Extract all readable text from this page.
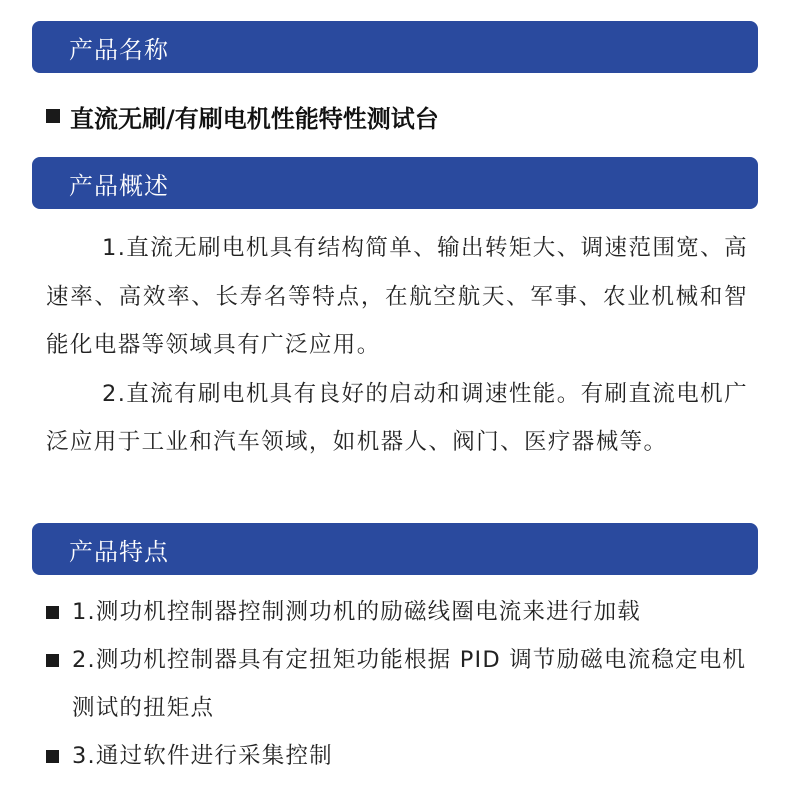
产品名称
直流无刷/有刷电机性能特性测试台
产品概述

1.直流无刷电机具有结构简单、输出转矩大、调速范围宽、高速率、高效率、长寿名等特点，在航空航天、军事、农业机械和智能化电器等领域具有广泛应用。

2.直流有刷电机具有良好的启动和调速性能。有刷直流电机广泛应用于工业和汽车领域，如机器人、阀门、医疗器械等。

产品特点
1.测功机控制器控制测功机的励磁线圈电流来进行加载
2.测功机控制器具有定扭矩功能根据 PID 调节励磁电流稳定电机测试的扭矩点
3.通过软件进行采集控制
